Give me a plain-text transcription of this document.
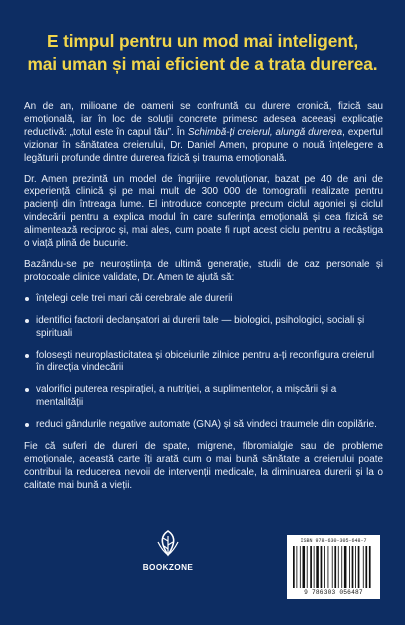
E timpul pentru un mod mai inteligent,
mai uman și mai eficient de a trata durerea.

An de an, milioane de oameni se confruntă cu durere cronică, fizică sau emoțională, iar în loc de soluții concrete primesc adesea aceeași explicație reductivă: „totul este în capul tău”. În Schimbă-ți creierul, alungă durerea, expertul vizionar în sănătatea creierului, Dr. Daniel Amen, propune o nouă înțelegere a legăturii profunde dintre durerea fizică și trauma emoțională.

Dr. Amen prezintă un model de îngrijire revoluționar, bazat pe 40 de ani de experiență clinică și pe mai mult de 300 000 de tomografii realizate pentru pacienți din întreaga lume. El introduce concepte precum ciclul agoniei și ciclul vindecării pentru a explica modul în care suferința emoțională și cea fizică se alimentează reciproc și, mai ales, cum poate fi rupt acest ciclu pentru a recâștiga o viață plină de bucurie.

Bazându-se pe neuroștiința de ultimă generație, studii de caz personale și protocoale clinice validate, Dr. Amen te ajută să:

înțelegi cele trei mari căi cerebrale ale durerii
identifici factorii declanșatori ai durerii tale — biologici, psihologici, sociali și spirituali
folosești neuroplasticitatea și obiceiurile zilnice pentru a-ți reconfigura creierul în direcția vindecării
valorifici puterea respirației, a nutriției, a suplimentelor, a mișcării și a mentalității
reduci gândurile negative automate (GNA) și să vindeci traumele din copilărie.

Fie că suferi de dureri de spate, migrene, fibromialgie sau de probleme emoționale, această carte îți arată cum o mai bună sănătate a creierului poate contribui la reducerea nevoii de intervenții medicale, la diminuarea durerii și la o calitate mai bună a vieții.

BOOKZONE
ISBN 978-630-305-648-7
9 786303 056487
